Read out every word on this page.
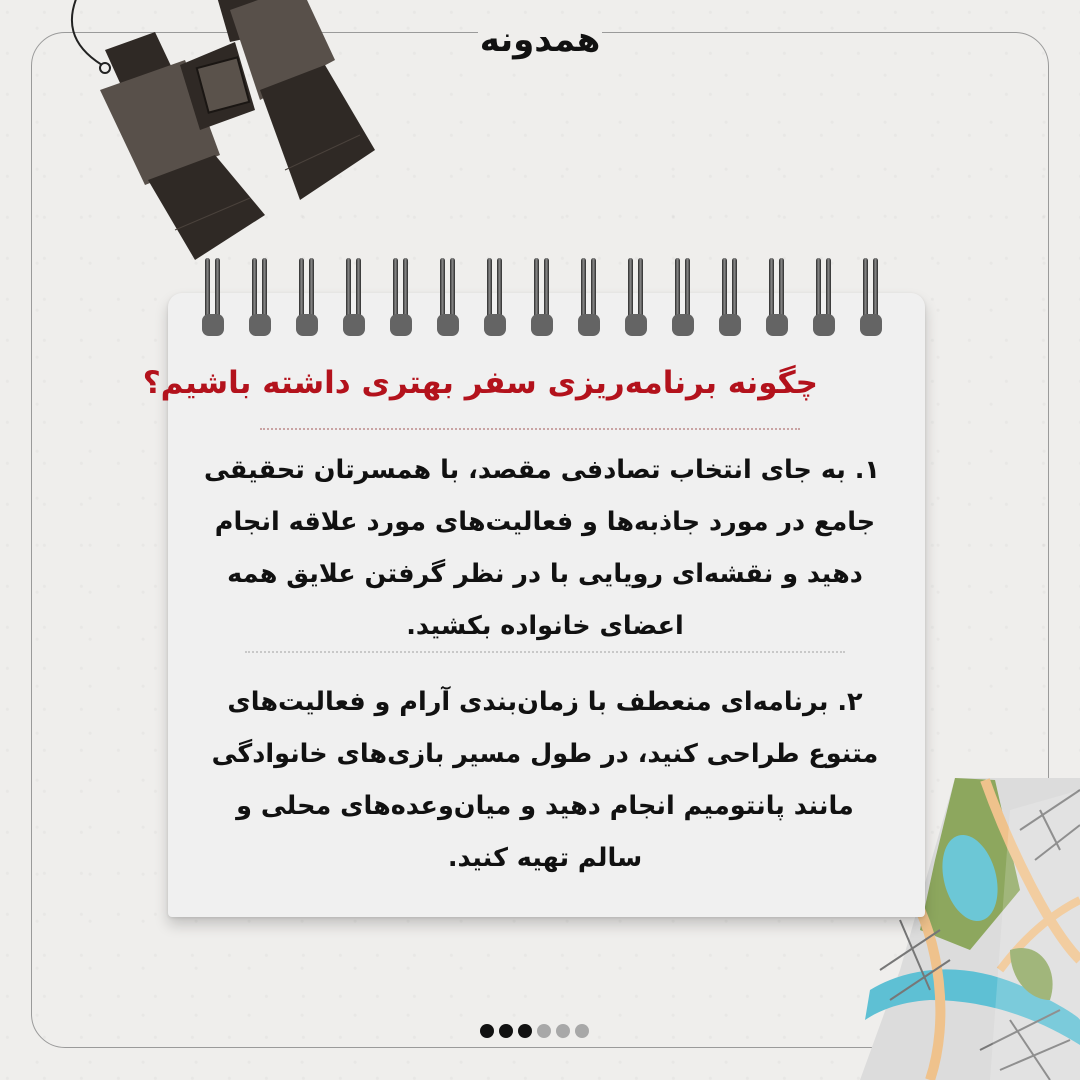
همدونه
چگونه برنامه‌ریزی سفر بهتری داشته باشیم؟
۱. به جای انتخاب تصادفی مقصد، با همسرتان تحقیقی
جامع در مورد جاذبه‌ها و فعالیت‌های مورد علاقه انجام
دهید و نقشه‌ای رویایی با در نظر گرفتن علایق همه
اعضای خانواده بکشید.
۲. برنامه‌ای منعطف با زمان‌بندی آرام و فعالیت‌های
متنوع طراحی کنید، در طول مسیر بازی‌های خانوادگی
مانند پانتومیم انجام دهید و میان‌وعده‌های محلی و
سالم تهیه کنید.
